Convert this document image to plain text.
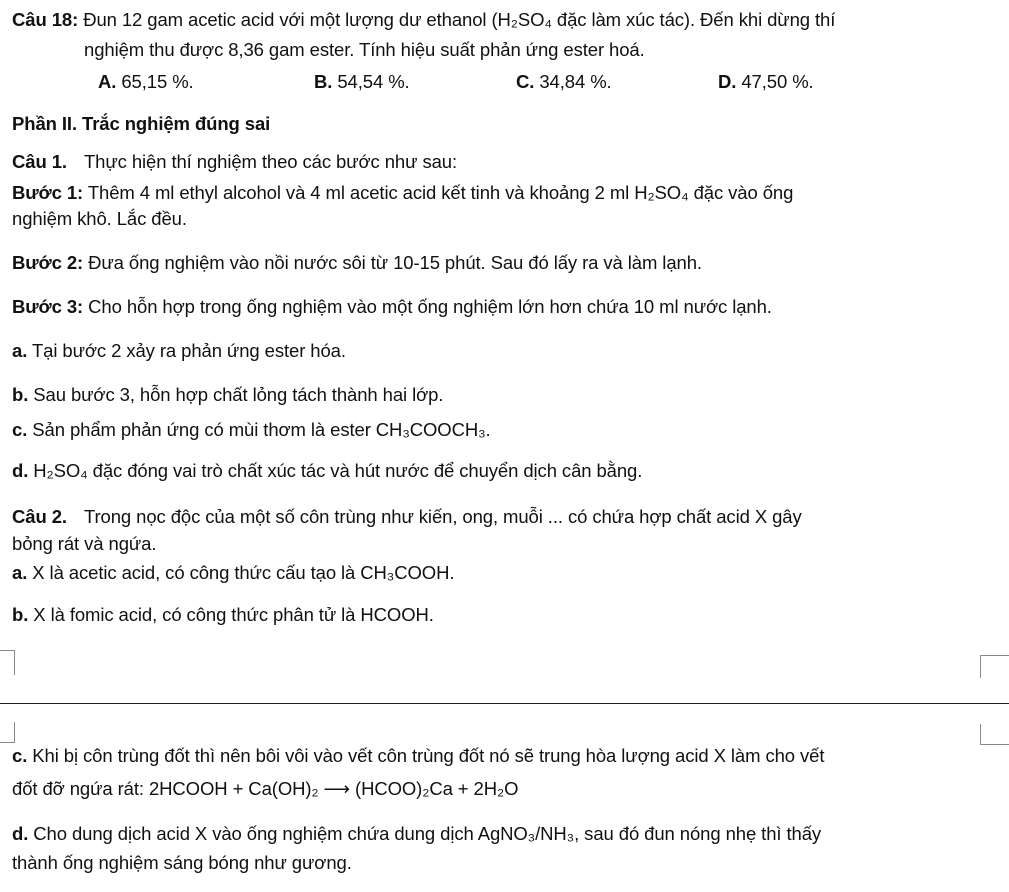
Câu 18: Đun 12 gam acetic acid với một lượng dư ethanol (H₂SO₄ đặc làm xúc tác). Đến khi dừng thí
nghiệm thu được 8,36 gam ester. Tính hiệu suất phản ứng ester hoá.
A. 65,15 %.	B. 54,54 %.	C. 34,84 %.	D. 47,50 %.
Phần II. Trắc nghiệm đúng sai
Câu 1. Thực hiện thí nghiệm theo các bước như sau:
Bước 1: Thêm 4 ml ethyl alcohol và 4 ml acetic acid kết tinh và khoảng 2 ml H₂SO₄ đặc vào ống
nghiệm khô. Lắc đều.
Bước 2: Đưa ống nghiệm vào nồi nước sôi từ 10-15 phút. Sau đó lấy ra và làm lạnh.
Bước 3: Cho hỗn hợp trong ống nghiệm vào một ống nghiệm lớn hơn chứa 10 ml nước lạnh.
a. Tại bước 2 xảy ra phản ứng ester hóa.
b. Sau bước 3, hỗn hợp chất lỏng tách thành hai lớp.
c. Sản phẩm phản ứng có mùi thơm là ester CH₃COOCH₃.
d. H₂SO₄ đặc đóng vai trò chất xúc tác và hút nước để chuyển dịch cân bằng.
Câu 2. Trong nọc độc của một số côn trùng như kiến, ong, muỗi ... có chứa hợp chất acid X gây
bỏng rát và ngứa.
a. X là acetic acid, có công thức cấu tạo là CH₃COOH.
b. X là fomic acid, có công thức phân tử là HCOOH.
c. Khi bị côn trùng đốt thì nên bôi vôi vào vết côn trùng đốt nó sẽ trung hòa lượng acid X làm cho vết
đốt đỡ ngứa rát: 2HCOOH + Ca(OH)₂ ⟶ (HCOO)₂Ca + 2H₂O
d. Cho dung dịch acid X vào ống nghiệm chứa dung dịch AgNO₃/NH₃, sau đó đun nóng nhẹ thì thấy
thành ống nghiệm sáng bóng như gương.
